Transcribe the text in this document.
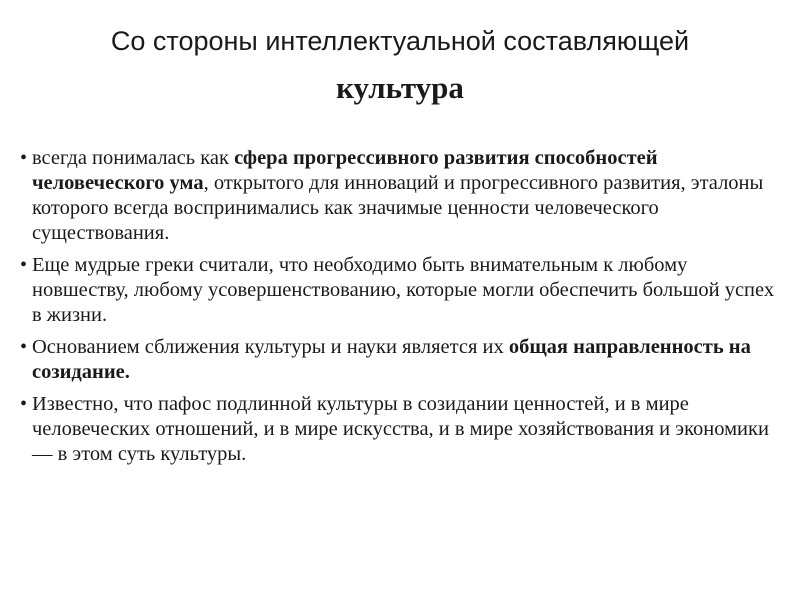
Со стороны интеллектуальной составляющей
культура
• всегда понималась как сфера прогрессивного развития способностей человеческого ума, открытого для инноваций и прогрессивного развития, эталоны которого всегда воспринимались как значимые ценности человеческого существования.
• Еще мудрые греки считали, что необходимо быть внимательным к любому новшеству, любому усовершенствованию, которые могли обеспечить большой успех в жизни.
• Основанием сближения культуры и науки является их общая направленность на созидание.
• Известно, что пафос подлинной культуры в созидании ценностей, и в мире человеческих отношений, и в мире искусства, и в мире хозяйствования и экономики — в этом суть культуры.
